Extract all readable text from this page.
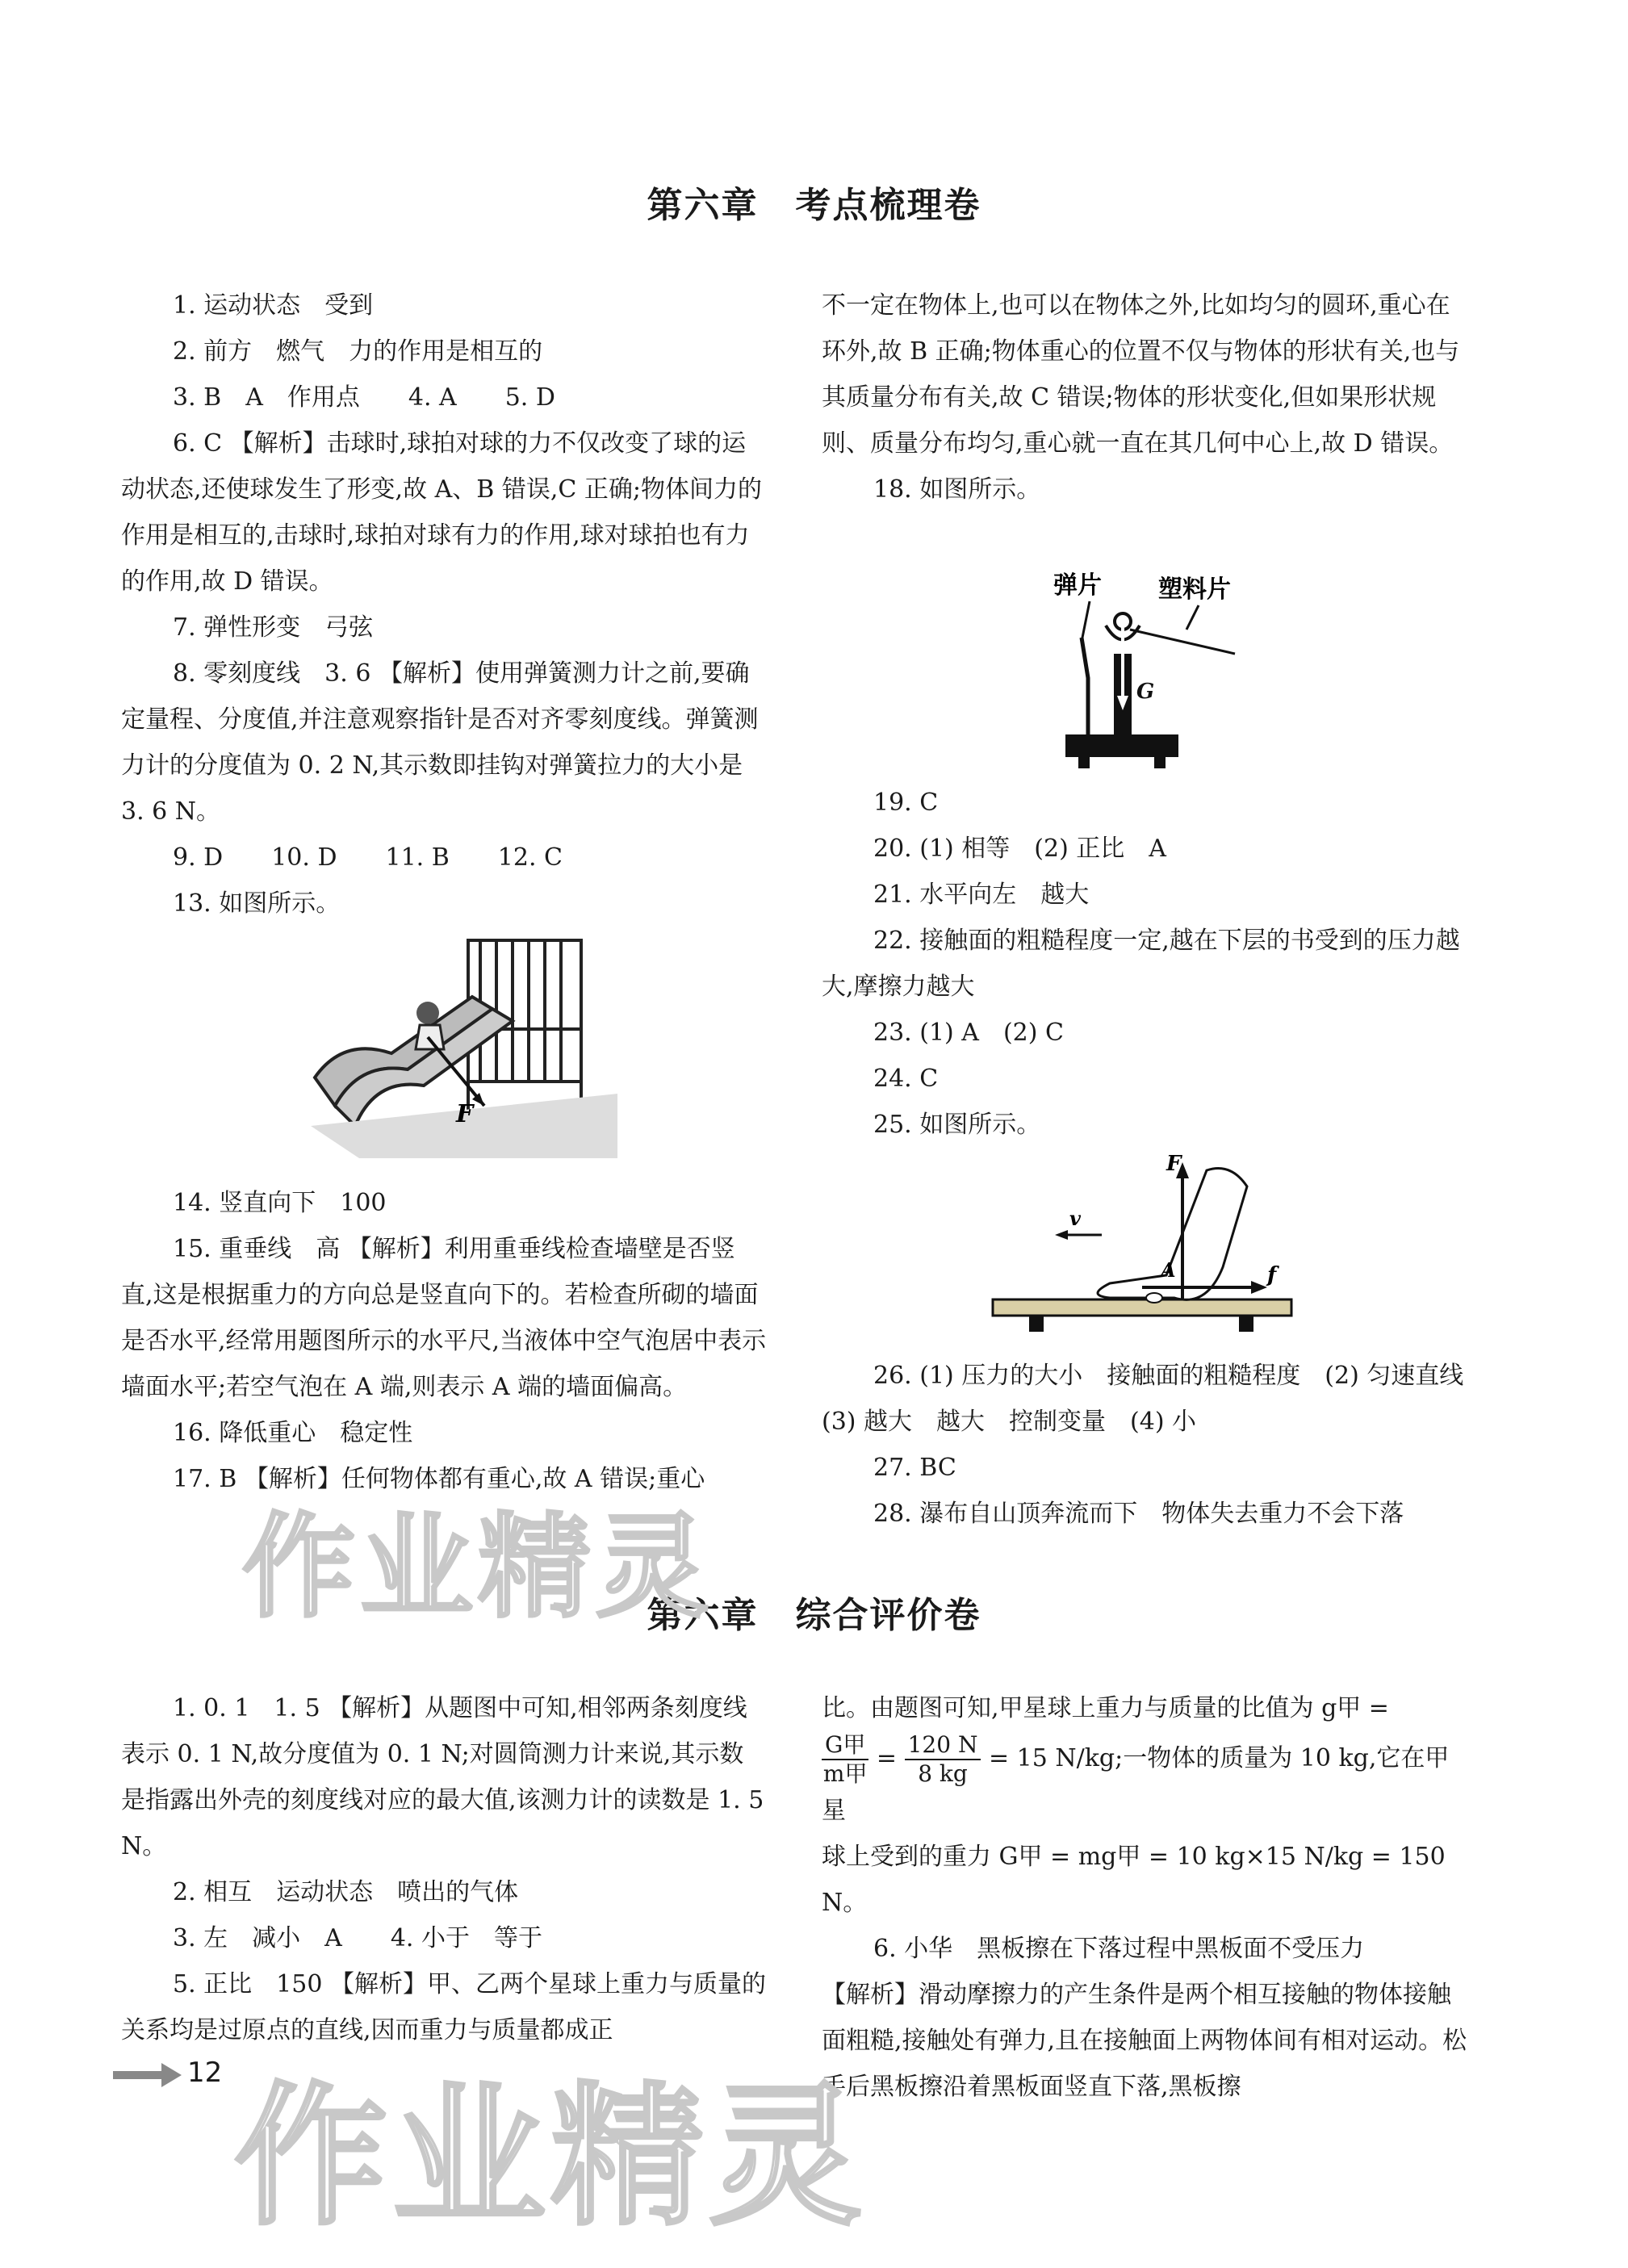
第六章　考点梳理卷

1. 运动状态　受到

2. 前方　燃气　力的作用是相互的

3. B　A　作用点　　4. A　　5. D

6. C 【解析】击球时,球拍对球的力不仅改变了球的运动状态,还使球发生了形变,故 A、B 错误,C 正确;物体间力的作用是相互的,击球时,球拍对球有力的作用,球对球拍也有力的作用,故 D 错误。

7. 弹性形变　弓弦

8. 零刻度线　3. 6 【解析】使用弹簧测力计之前,要确定量程、分度值,并注意观察指针是否对齐零刻度线。弹簧测力计的分度值为 0. 2 N,其示数即挂钩对弹簧拉力的大小是 3. 6 N。

9. D　　10. D　　11. B　　12. C

13. 如图所示。

F

14. 竖直向下　100

15. 重垂线　高 【解析】利用重垂线检查墙壁是否竖直,这是根据重力的方向总是竖直向下的。若检查所砌的墙面是否水平,经常用题图所示的水平尺,当液体中空气泡居中表示墙面水平;若空气泡在 A 端,则表示 A 端的墙面偏高。

16. 降低重心　稳定性

17. B 【解析】任何物体都有重心,故 A 错误;重心

不一定在物体上,也可以在物体之外,比如均匀的圆环,重心在环外,故 B 正确;物体重心的位置不仅与物体的形状有关,也与其质量分布有关,故 C 错误;物体的形状变化,但如果形状规则、质量分布均匀,重心就一直在其几何中心上,故 D 错误。

18. 如图所示。

弹片 塑料片
G

19. C

20. (1) 相等　(2) 正比　A

21. 水平向左　越大

22. 接触面的粗糙程度一定,越在下层的书受到的压力越大,摩擦力越大

23. (1) A　(2) C

24. C

25. 如图所示。

F
f
v
A

26. (1) 压力的大小　接触面的粗糙程度　(2) 匀速直线　(3) 越大　越大　控制变量　(4) 小

27. BC

28. 瀑布自山顶奔流而下　物体失去重力不会下落

第六章　综合评价卷

1. 0. 1　1. 5 【解析】从题图中可知,相邻两条刻度线表示 0. 1 N,故分度值为 0. 1 N;对圆筒测力计来说,其示数是指露出外壳的刻度线对应的最大值,该测力计的读数是 1. 5 N。

2. 相互　运动状态　喷出的气体

3. 左　减小　A　　4. 小于　等于

5. 正比　150 【解析】甲、乙两个星球上重力与质量的关系均是过原点的直线,因而重力与质量都成正

比。由题图可知,甲星球上重力与质量的比值为 g甲 =

$\frac{\text{G甲}}{\text{m甲}} = \frac{120 N}{8 kg} = 15$ N/kg;一物体的质量为 10 kg,它在甲星

球上受到的重力 G甲 = mg甲 = 10 kg×15 N/kg = 150 N。

6. 小华　黑板擦在下落过程中黑板面不受压力

【解析】滑动摩擦力的产生条件是两个相互接触的物体接触面粗糙,接触处有弹力,且在接触面上两物体间有相对运动。松手后黑板擦沿着黑板面竖直下落,黑板擦

12
作业精灵
作业精灵
